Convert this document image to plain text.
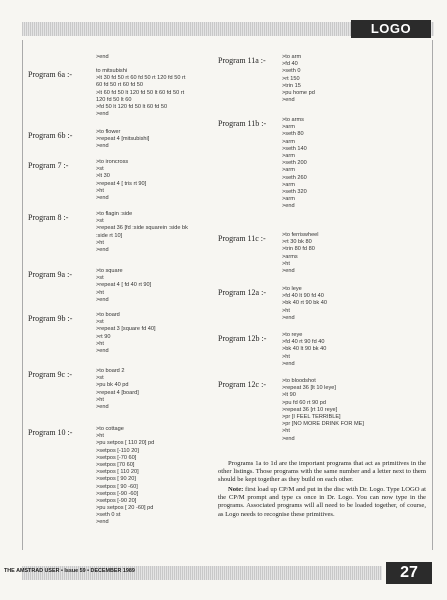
LOGO
>end
Program 6a :-	to mitsubishi
>lt 30 fd 50 rt 60 fd 50 rt 120 fd 50 rt
60 fd 50 rt 60 fd 50
>lt 60 fd 50 lt 120 fd 50 lt 60 fd 50 rt
120 fd 50 lt 60
>fd 50 lt 120 fd 50 lt 60 fd 50
>end
Program 6b :-	>to flower
>repeat 4 [mitsubishi]
>end
Program 7 :-	>to ironcross
>st
>lt 30
>repeat 4 [ tris rt 90]
>ht
>end
Program 8 :-	>to flagin :side
>st
>repeat 36 [fd :side squarein :side bk
:side rt 10]
>ht
>end
Program 9a :-	>to square
>st
>repeat 4 [ fd 40 rt 90]
>ht
>end
Program 9b :-	>to board
>st
>repeat 3 [square fd 40]
>rt 90
>ht
>end
Program 9c :-	>to board 2
>st
>pu bk 40 pd
>repeat 4 [board]
>ht
>end
Program 10 :-	>to cottage
>ht
>pu setpos [ 110 20] pd
>setpos [-110 20]
>setpos [-70 60]
>setpos [70 60]
>setpos [ 110 20]
>setpos [ 90 20]
>setpos [ 90 -60]
>setpos [-90 -60]
>setpos [-90 20]
>pu setpos [ 20 -60] pd
>seth 0 st
>end
Program 11a :-	>to arm
>fd 40
>seth 0
>rt 150
>trin 15
>pu home pd
>end
Program 11b :-	>to arms
>arm
>seth 80
>arm
>seth 140
>arm
>seth 200
>arm
>seth 260
>arm
>seth 320
>arm
>end
Program 11c :-	>to ferriswheel
>rt 30 bk 80
>trin 80 fd 80
>arms
>ht
>end
Program 12a :-	>to leye
>fd 40 lt 90 fd 40
>bk 40 rt 90 bk 40
>ht
>end
Program 12b :-	>to reye
>fd 40 rt 90 fd 40
>bk 40 lt 90 bk 40
>ht
>end
Program 12c :-	>to bloodshot
>repeat 36 [lt 10 leye]
>lt 90
>pu fd 60 rt 90 pd
>repeat 36 [rt 10 reye]
>pr [I FEEL TERRIBLE]
>pr [NO MORE DRINK FOR ME]
>ht
>end

Programs 1a to 1d are the important programs that act as primitives in the other listings. Those programs with the same number and a letter next to them should be kept together as they build on each other.

Note: first load up CP/M and put in the disc with Dr. Logo. Type LOGO at the CP/M prompt and type cs once in Dr. Logo. You can now type in the programs. Associated programs will all need to be loaded together, of course, as Logo needs to recognise these primitives.

THE AMSTRAD USER • Issue 59 • DECEMBER 1989	27
